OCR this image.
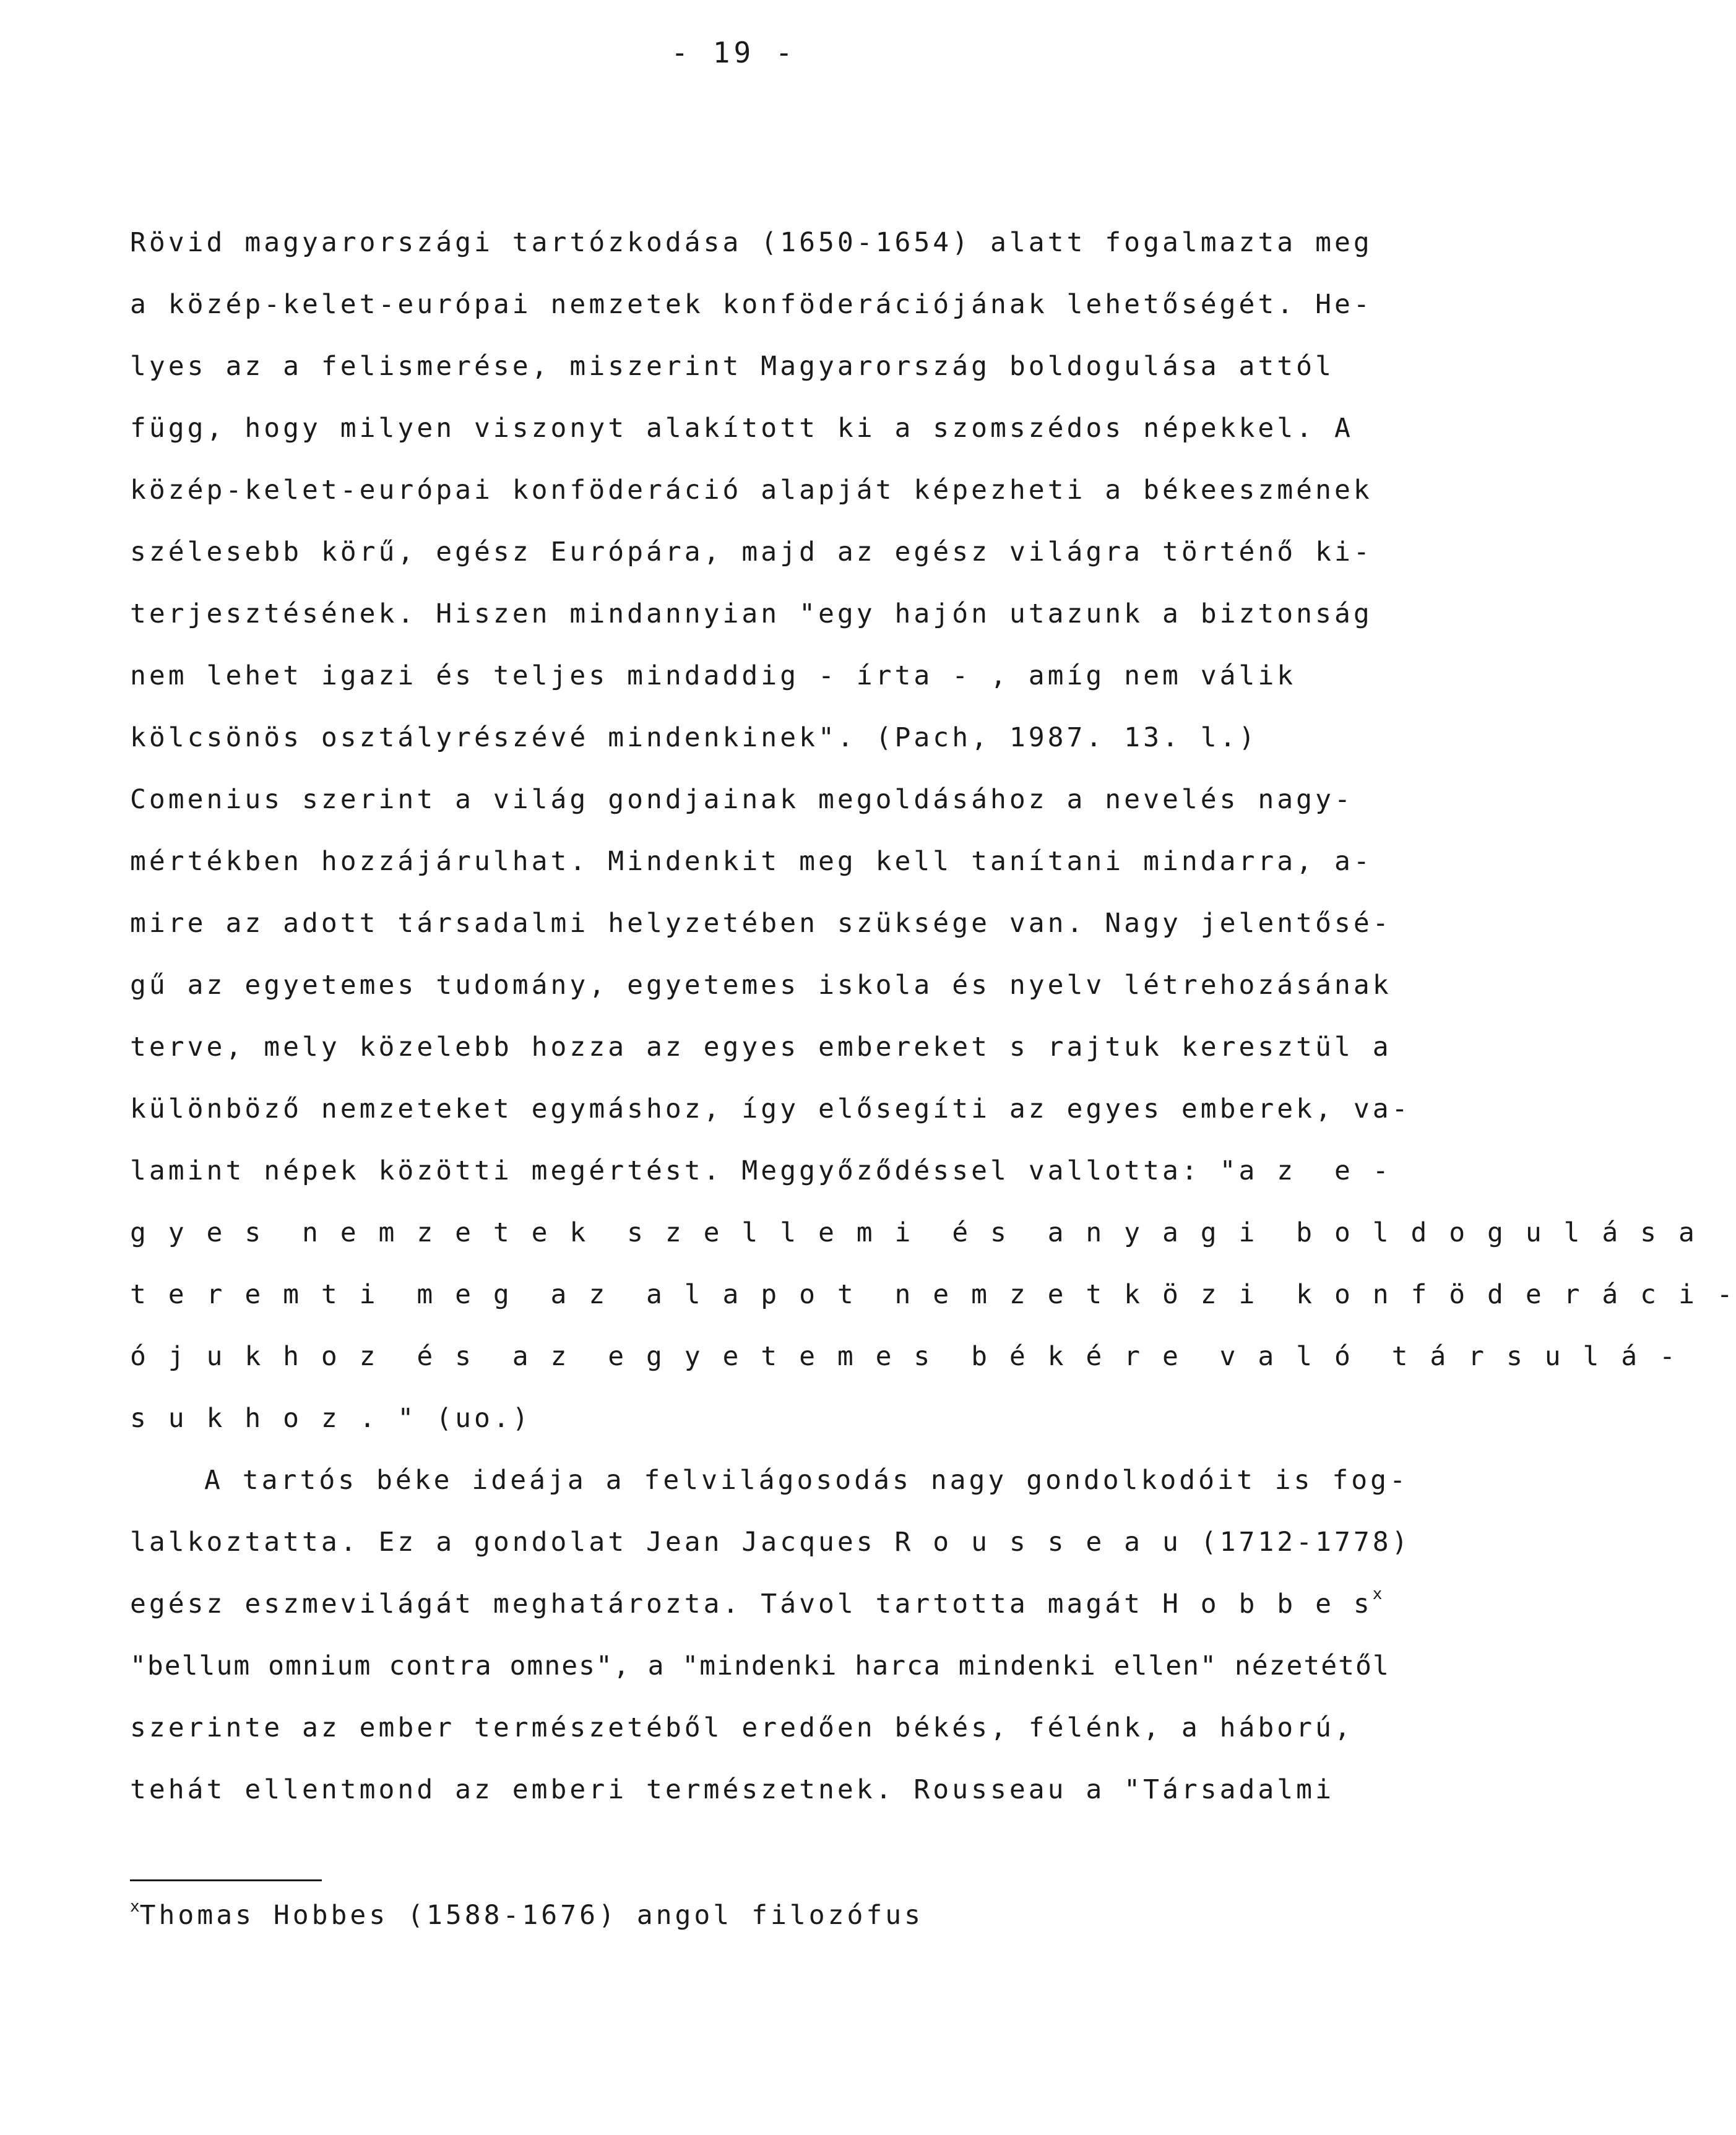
- 19 -
Rövid magyarországi tartózkodása (1650-1654) alatt fogalmazta meg
a közép-kelet-európai nemzetek konföderációjának lehetőségét. He-
lyes az a felismerése, miszerint Magyarország boldogulása attól
függ, hogy milyen viszonyt alakított ki a szomszédos népekkel. A
közép-kelet-európai konföderáció alapját képezheti a békeeszmének
szélesebb körű, egész Európára, majd az egész világra történő ki-
terjesztésének. Hiszen mindannyian "egy hajón utazunk a biztonság
nem lehet igazi és teljes mindaddig - írta - , amíg nem válik
kölcsönös osztályrészévé mindenkinek". (Pach, 1987. 13. l.)
Comenius szerint a világ gondjainak megoldásához a nevelés nagy-
mértékben hozzájárulhat. Mindenkit meg kell tanítani mindarra, a-
mire az adott társadalmi helyzetében szüksége van. Nagy jelentősé-
gű az egyetemes tudomány, egyetemes iskola és nyelv létrehozásának
terve, mely közelebb hozza az egyes embereket s rajtuk keresztül a
különböző nemzeteket egymáshoz, így elősegíti az egyes emberek, va-
lamint népek közötti megértést. Meggyőződéssel vallotta: "a z  e -
g y e s  n e m z e t e k  s z e l l e m i  é s  a n y a g i  b o l d o g u l á s a
t e r e m t i  m e g  a z  a l a p o t  n e m z e t k ö z i  k o n f ö d e r á c i -
ó j u k h o z  é s  a z  e g y e t e m e s  b é k é r e  v a l ó  t á r s u l á -
s u k h o z . " (uo.)
A tartós béke ideája a felvilágosodás nagy gondolkodóit is fog-
lalkoztatta. Ez a gondolat Jean Jacques R o u s s e a u (1712-1778)
egész eszmevilágát meghatározta. Távol tartotta magát H o b b e s$^x$
"bellum omnium contra omnes", a "mindenki harca mindenki ellen" nézetétől
szerinte az ember természetéből eredően békés, félénk, a háború,
tehát ellentmond az emberi természetnek. Rousseau a "Társadalmi
$^x$Thomas Hobbes (1588-1676) angol filozófus
